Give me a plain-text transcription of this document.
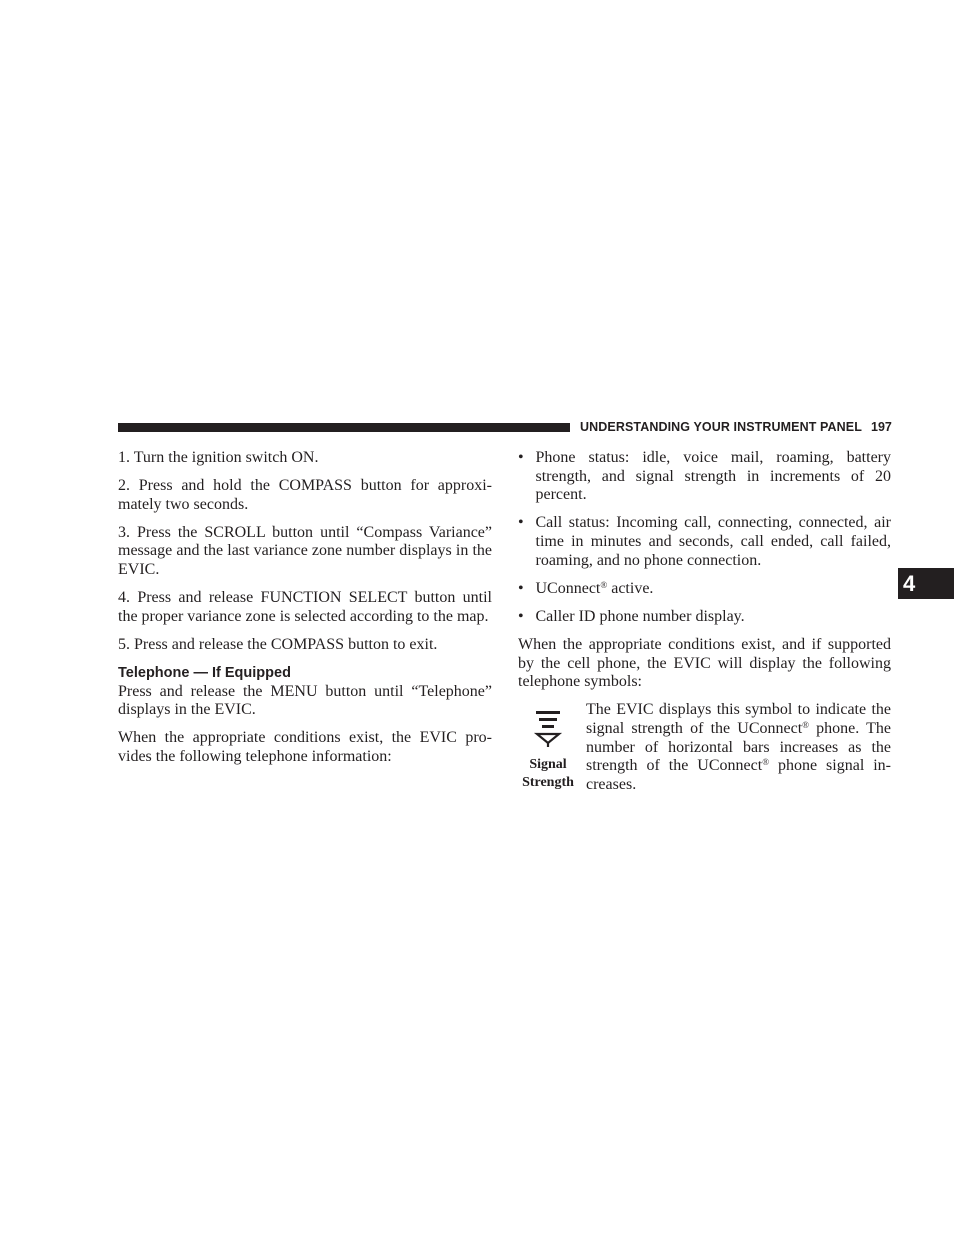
UNDERSTANDING YOUR INSTRUMENT PANEL 197
4

1. Turn the ignition switch ON.

2. Press and hold the COMPASS button for approxi-mately two seconds.

3. Press the SCROLL button until “Compass Variance” message and the last variance zone number displays in the EVIC.

4. Press and release FUNCTION SELECT button until the proper variance zone is selected according to the map.

5. Press and release the COMPASS button to exit.

Telephone — If Equipped

Press and release the MENU button until “Telephone” displays in the EVIC.

When the appropriate conditions exist, the EVIC pro-vides the following telephone information:

• Phone status: idle, voice mail, roaming, battery strength, and signal strength in increments of 20 percent.
• Call status: Incoming call, connecting, connected, air time in minutes and seconds, call ended, call failed, roaming, and no phone connection.
• UConnect® active.
• Caller ID phone number display.

When the appropriate conditions exist, and if supported by the cell phone, the EVIC will display the following telephone symbols:

Signal
Strength
The EVIC displays this symbol to indicate the signal strength of the UConnect® phone. The number of horizontal bars increases as the strength of the UConnect® phone signal in-creases.
